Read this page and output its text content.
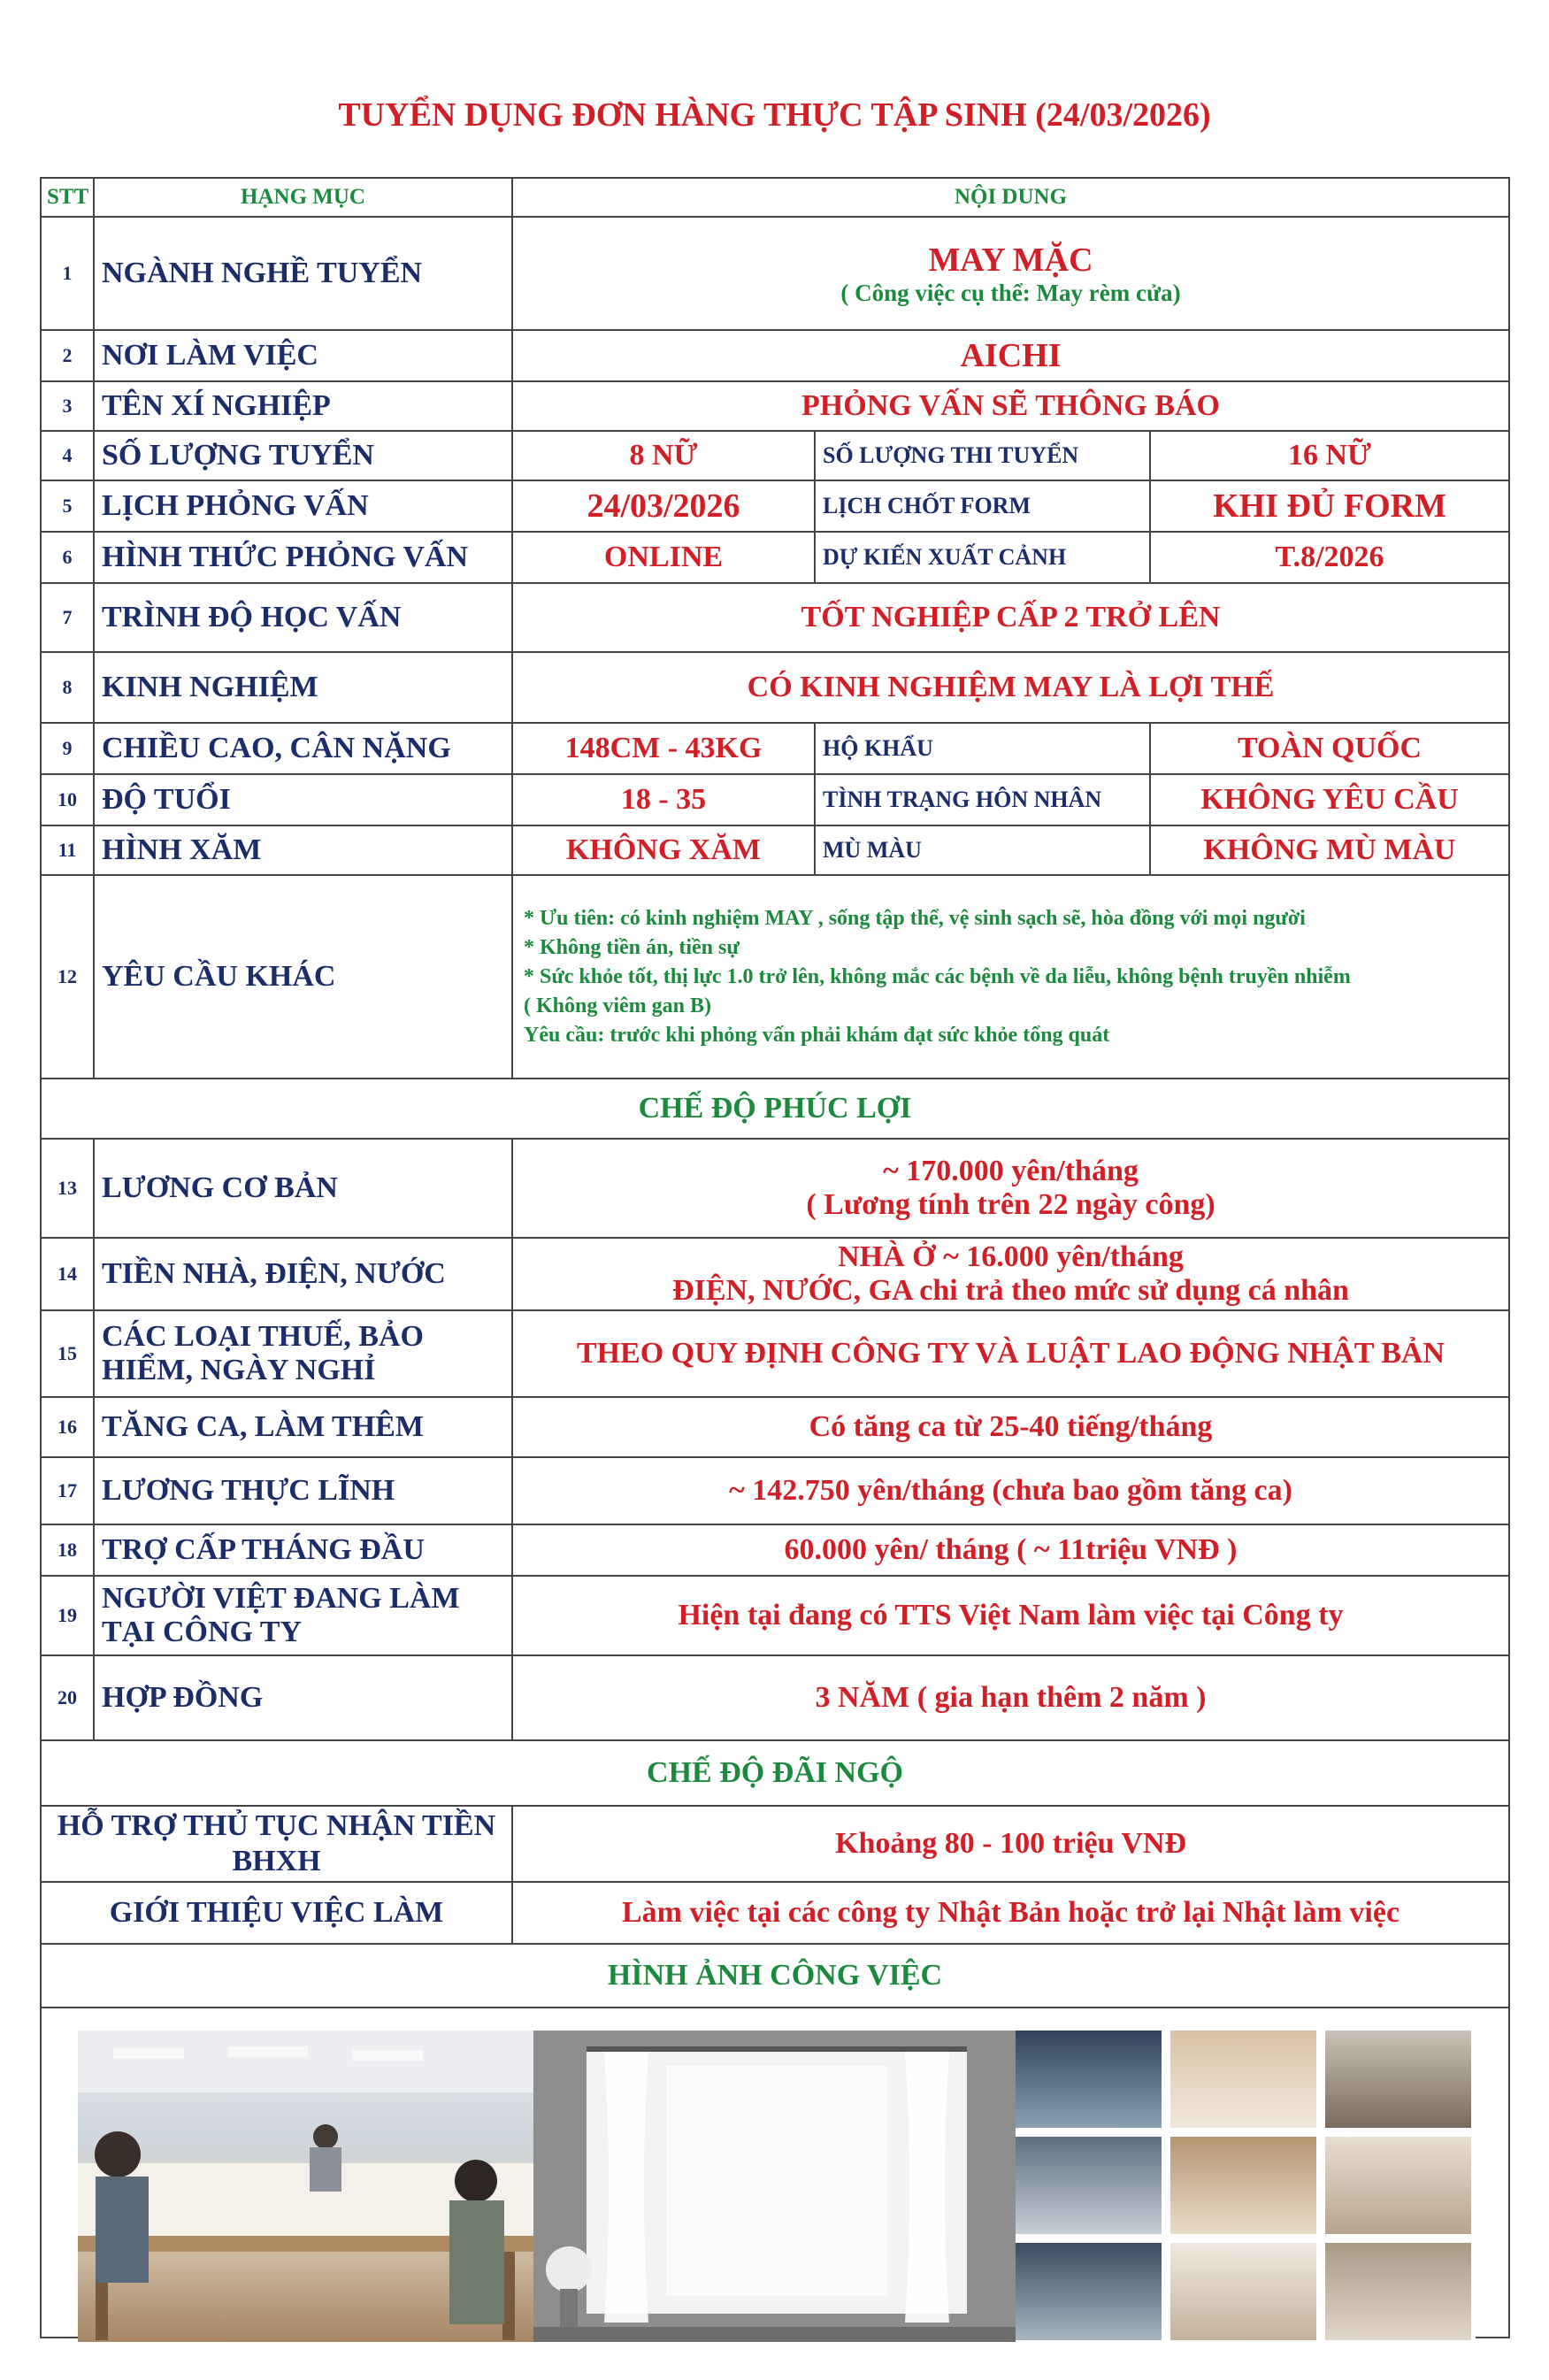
TUYỂN DỤNG ĐƠN HÀNG THỰC TẬP SINH (24/03/2026)
STT	HẠNG MỤC	NỘI DUNG		
1	NGÀNH NGHỀ TUYỂN	MAY MẶC
( Công việc cụ thể: May rèm cửa)		

2	NƠI LÀM VIỆC	AICHI		
3	TÊN XÍ NGHIỆP	PHỎNG VẤN SẼ THÔNG BÁO		
4	SỐ LƯỢNG TUYỂN	8 NỮ	SỐ LƯỢNG THI TUYỂN	16 NỮ
5	LỊCH PHỎNG VẤN	24/03/2026	LỊCH CHỐT FORM	KHI ĐỦ FORM
6	HÌNH THỨC PHỎNG VẤN	ONLINE	DỰ KIẾN XUẤT CẢNH	T.8/2026
7	TRÌNH ĐỘ HỌC VẤN	TỐT NGHIỆP CẤP 2 TRỞ LÊN		
8	KINH NGHIỆM	CÓ KINH NGHIỆM MAY LÀ LỢI THẾ		
9	CHIỀU CAO, CÂN NẶNG	148CM - 43KG	HỘ KHẨU	TOÀN QUỐC
10	ĐỘ TUỔI	18 - 35	TÌNH TRẠNG HÔN NHÂN	KHÔNG YÊU CẦU
11	HÌNH XĂM	KHÔNG XĂM	MÙ MÀU	KHÔNG MÙ MÀU
12	YÊU CẦU KHÁC	* Ưu tiên: có kinh nghiệm MAY , sống tập thể, vệ sinh sạch sẽ, hòa đồng với mọi người
* Không tiền án, tiền sự
* Sức khỏe tốt, thị lực 1.0 trở lên, không mắc các bệnh về da liễu, không bệnh truyền nhiễm
( Không viêm gan B)
Yêu cầu: trước khi phỏng vấn phải khám đạt sức khỏe tổng quát		

CHẾ ĐỘ PHÚC LỢI				
13	LƯƠNG CƠ BẢN	~ 170.000 yên/tháng
( Lương tính trên 22 ngày công)		

14	TIỀN NHÀ, ĐIỆN, NƯỚC	NHÀ Ở ~ 16.000 yên/tháng
ĐIỆN, NƯỚC, GA chi trả theo mức sử dụng cá nhân		

15	CÁC LOẠI THUẾ, BẢO
HIỂM, NGÀY NGHỈ	THEO QUY ĐỊNH CÔNG TY VÀ LUẬT LAO ĐỘNG NHẬT BẢN		
16	TĂNG CA, LÀM THÊM	Có tăng ca từ 25-40 tiếng/tháng		
17	LƯƠNG THỰC LĨNH	~ 142.750 yên/tháng (chưa bao gồm tăng ca)		
18	TRỢ CẤP THÁNG ĐẦU	60.000 yên/ tháng ( ~ 11triệu VNĐ )		
19	NGƯỜI VIỆT ĐANG LÀM
TẠI CÔNG TY	Hiện tại đang có TTS Việt Nam làm việc tại Công ty		
20	HỢP ĐỒNG	3 NĂM ( gia hạn thêm 2 năm )		
CHẾ ĐỘ ĐÃI NGỘ				

HỖ TRỢ THỦ TỤC NHẬN TIỀN
BHXH		Khoảng 80 - 100 triệu VNĐ		
GIỚI THIỆU VIỆC LÀM		Làm việc tại các công ty Nhật Bản hoặc trở lại Nhật làm việc		
HÌNH ẢNH CÔNG VIỆC				
